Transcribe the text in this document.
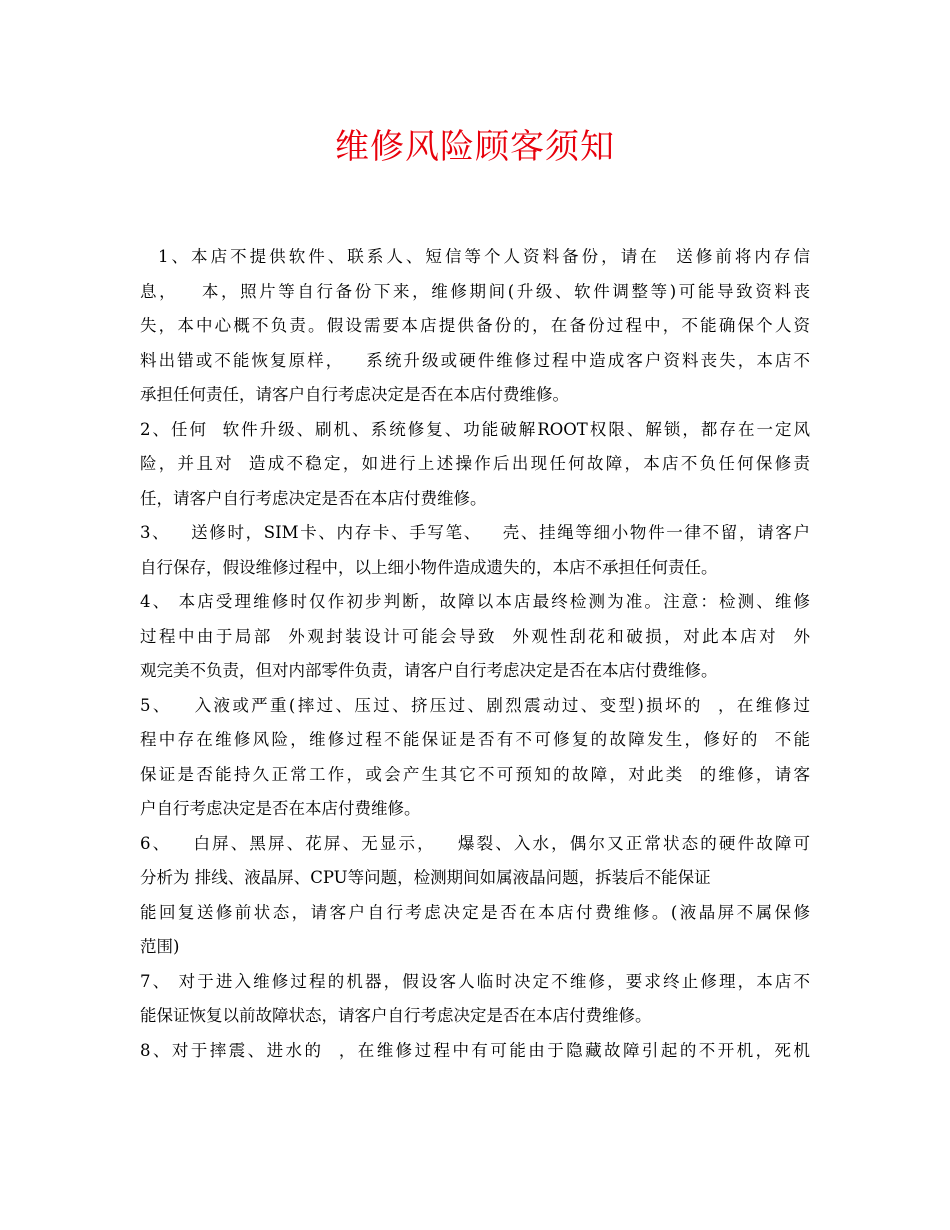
维修风险顾客须知
1、本店不提供软件、联系人、短信等个人资料备份，请在  送修前将内存信
息，   本，照片等自行备份下来，维修期间(升级、软件调整等)可能导致资料丧
失，本中心概不负责。假设需要本店提供备份的，在备份过程中，不能确保个人资
料出错或不能恢复原样，   系统升级或硬件维修过程中造成客户资料丧失，本店不
承担任何责任，请客户自行考虑决定是否在本店付费维修。
2、任何  软件升级、刷机、系统修复、功能破解ROOT权限、解锁，都存在一定风
险，并且对  造成不稳定，如进行上述操作后出现任何故障，本店不负任何保修责
任，请客户自行考虑决定是否在本店付费维修。
3、   送修时，SIM卡、内存卡、手写笔、   壳、挂绳等细小物件一律不留，请客户
自行保存，假设维修过程中，以上细小物件造成遗失的，本店不承担任何责任。
4、 本店受理维修时仅作初步判断，故障以本店最终检测为准。注意：检测、维修
过程中由于局部  外观封装设计可能会导致  外观性刮花和破损，对此本店对  外
观完美不负责，但对内部零件负责，请客户自行考虑决定是否在本店付费维修。
5、   入液或严重(摔过、压过、挤压过、剧烈震动过、变型)损坏的  ，在维修过
程中存在维修风险，维修过程不能保证是否有不可修复的故障发生，修好的  不能
保证是否能持久正常工作，或会产生其它不可预知的故障，对此类  的维修，请客
户自行考虑决定是否在本店付费维修。
6、   白屏、黑屏、花屏、无显示，   爆裂、入水，偶尔又正常状态的硬件故障可
分析为 排线、液晶屏、CPU等问题，检测期间如属液晶问题，拆装后不能保证
能回复送修前状态，请客户自行考虑决定是否在本店付费维修。(液晶屏不属保修
范围)
7、 对于进入维修过程的机器，假设客人临时决定不维修，要求终止修理，本店不
能保证恢复以前故障状态，请客户自行考虑决定是否在本店付费维修。
8、对于摔震、进水的  ，在维修过程中有可能由于隐藏故障引起的不开机，死机
